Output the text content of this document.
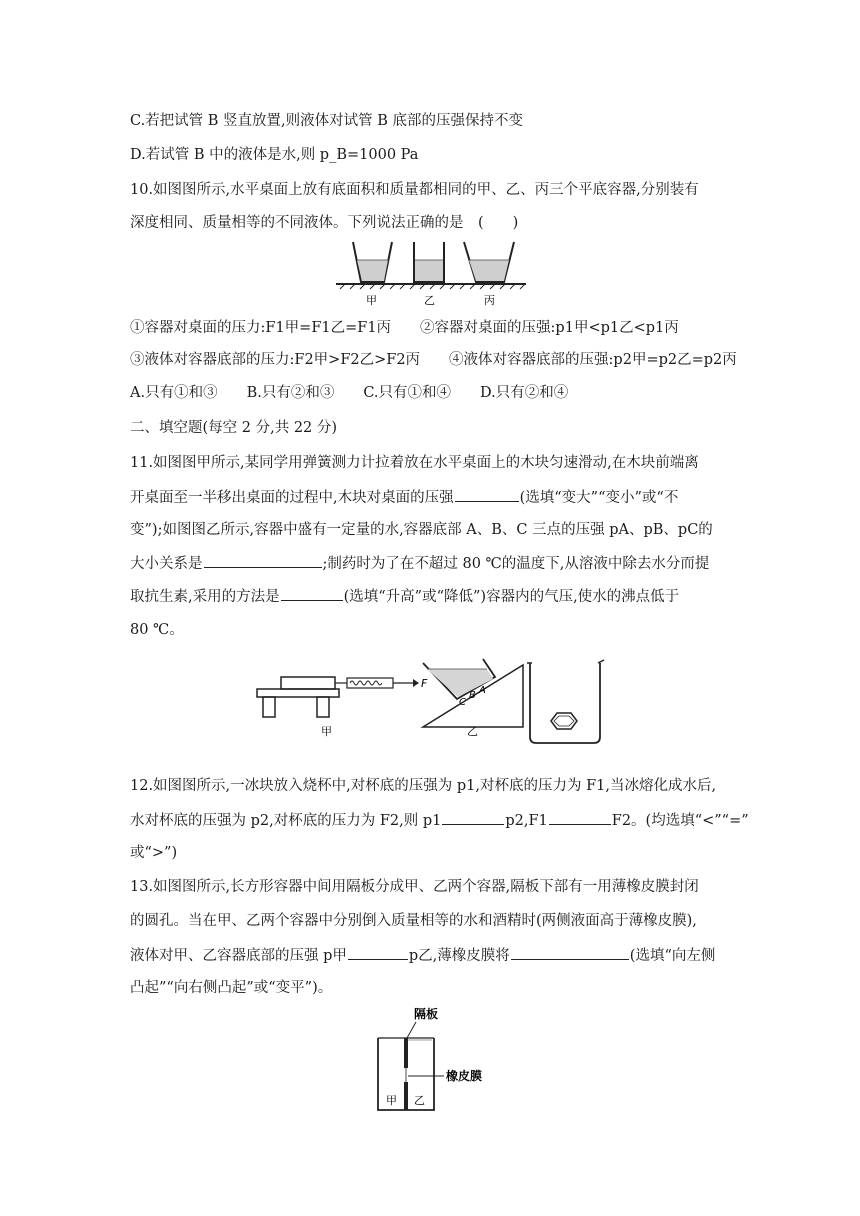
C.若把试管 B 竖直放置,则液体对试管 B 底部的压强保持不变
D.若试管 B 中的液体是水,则 p_B=1000 Pa
10.如图图所示,水平桌面上放有底面积和质量都相同的甲、乙、丙三个平底容器,分别装有
深度相同、质量相等的不同液体。下列说法正确的是　(　　)
甲	乙	丙
①容器对桌面的压力:F1甲=F1乙=F1丙　　 ②容器对桌面的压强:p1甲<p1乙<p1丙
③液体对容器底部的压力:F2甲>F2乙>F2丙　　 ④液体对容器底部的压强:p2甲=p2乙=p2丙
A.只有①和③　　 B.只有②和③　　 C.只有①和④　　 D.只有②和④
二、填空题(每空 2 分,共 22 分)
11.如图图甲所示,某同学用弹簧测力计拉着放在水平桌面上的木块匀速滑动,在木块前端离
开桌面至一半移出桌面的过程中,木块对桌面的压强	(选填“变大”“变小”或“不
变”);如图图乙所示,容器中盛有一定量的水,容器底部 A、B、C 三点的压强 pA、pB、pC的
大小关系是	;制药时为了在不超过 80 ℃的温度下,从溶液中除去水分而提
取抗生素,采用的方法是	(选填“升高”或“降低”)容器内的气压,使水的沸点低于
80 ℃。
F
甲
A
B
C
乙
12.如图图所示,一冰块放入烧杯中,对杯底的压强为 p1,对杯底的压力为 F1,当冰熔化成水后,
水对杯底的压强为 p2,对杯底的压力为 F2,则 p1	p2,F1	F2。(均选填“<”“=”
或“>”)
13.如图图所示,长方形容器中间用隔板分成甲、乙两个容器,隔板下部有一用薄橡皮膜封闭
的圆孔。当在甲、乙两个容器中分别倒入质量相等的水和酒精时(两侧液面高于薄橡皮膜),
液体对甲、乙容器底部的压强 p甲	p乙,薄橡皮膜将	(选填“向左侧
凸起”“向右侧凸起”或“变平”)。
隔板
橡皮膜
甲 乙
